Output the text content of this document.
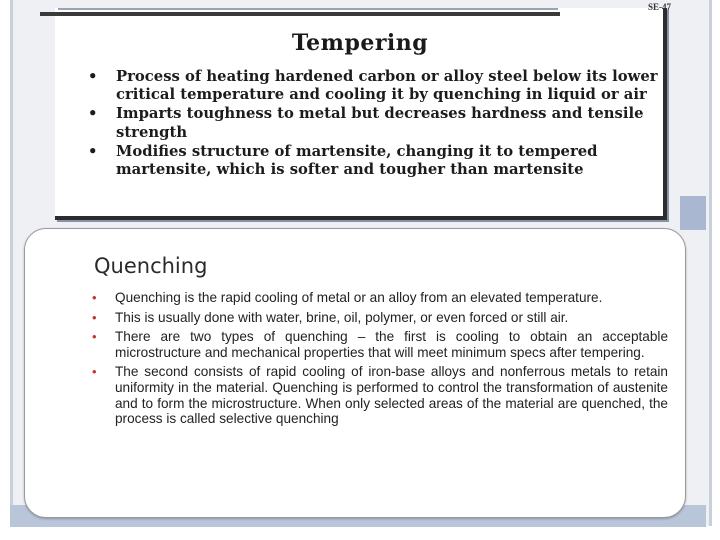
SE-47
Tempering
• Process of heating hardened carbon or alloy steel below its lower critical temperature and cooling it by quenching in liquid or air
• Imparts toughness to metal but decreases hardness and tensile strength
• Modifies structure of martensite, changing it to tempered martensite, which is softer and tougher than martensite
Quenching
• Quenching is the rapid cooling of metal or an alloy from an elevated temperature.
• This is usually done with water, brine, oil, polymer, or even forced or still air.
• There are two types of quenching – the first is cooling to obtain an acceptable microstructure and mechanical properties that will meet minimum specs after tempering.
• The second consists of rapid cooling of iron-base alloys and nonferrous metals to retain uniformity in the material. Quenching is performed to control the transformation of austenite and to form the microstructure. When only selected areas of the material are quenched, the process is called selective quenching
